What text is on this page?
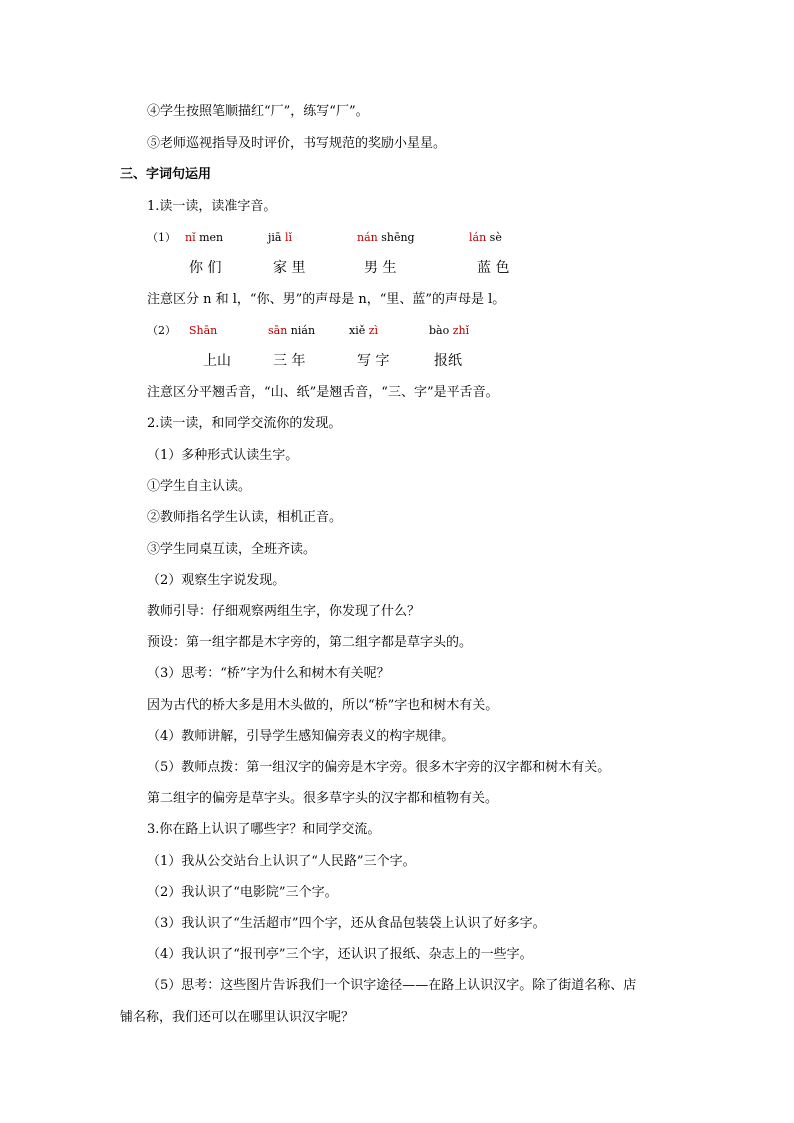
④学生按照笔顺描红“厂”，练写“厂”。
⑤老师巡视指导及时评价，书写规范的奖励小星星。
三、字词句运用
1.读一读，读准字音。
（1） nǐ men	jiā lǐ	nán shēng	lán sè
你 们	家 里	男 生	蓝 色
注意区分 n 和 l，“你、男”的声母是 n，“里、蓝”的声母是 l。
（2） Shān	sān nián	xiě zì	bào zhǐ
上山	三 年	写 字	报纸
注意区分平翘舌音，“山、纸”是翘舌音，“三、字”是平舌音。
2.读一读，和同学交流你的发现。
（1）多种形式认读生字。
①学生自主认读。
②教师指名学生认读，相机正音。
③学生同桌互读，全班齐读。
（2）观察生字说发现。
教师引导：仔细观察两组生字，你发现了什么？
预设：第一组字都是木字旁的，第二组字都是草字头的。
（3）思考：“桥”字为什么和树木有关呢？
因为古代的桥大多是用木头做的，所以“桥”字也和树木有关。
（4）教师讲解，引导学生感知偏旁表义的构字规律。
（5）教师点拨：第一组汉字的偏旁是木字旁。很多木字旁的汉字都和树木有关。
第二组字的偏旁是草字头。很多草字头的汉字都和植物有关。
3.你在路上认识了哪些字？和同学交流。
（1）我从公交站台上认识了“人民路”三个字。
（2）我认识了“电影院”三个字。
（3）我认识了“生活超市”四个字，还从食品包装袋上认识了好多字。
（4）我认识了“报刊亭”三个字，还认识了报纸、杂志上的一些字。
（5）思考：这些图片告诉我们一个识字途径——在路上认识汉字。除了街道名称、店
铺名称，我们还可以在哪里认识汉字呢？
